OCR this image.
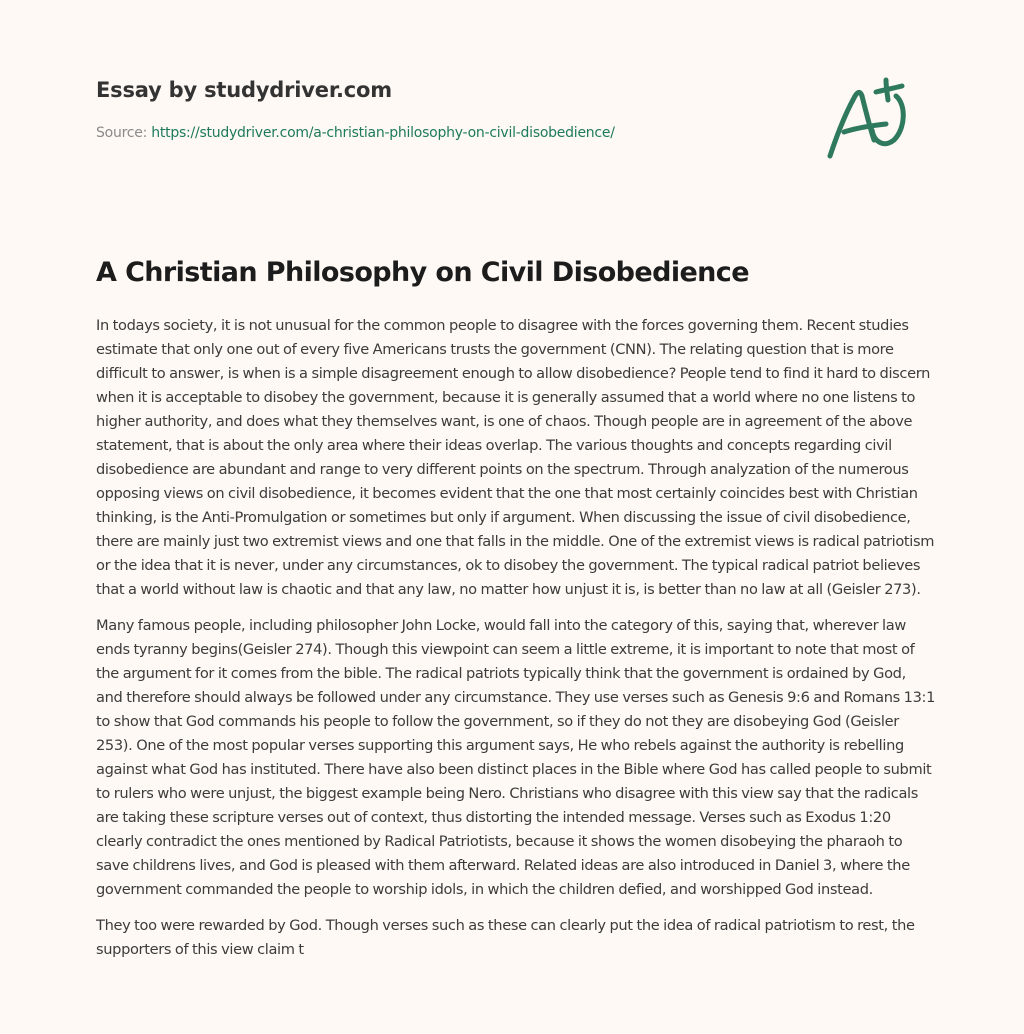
Essay by studydriver.com
Source: https://studydriver.com/a-christian-philosophy-on-civil-disobedience/
A Christian Philosophy on Civil Disobedience

In todays society, it is not unusual for the common people to disagree with the forces governing them. Recent studies estimate that only one out of every five Americans trusts the government (CNN). The relating question that is more difficult to answer, is when is a simple disagreement enough to allow disobedience? People tend to find it hard to discern when it is acceptable to disobey the government, because it is generally assumed that a world where no one listens to higher authority, and does what they themselves want, is one of chaos. Though people are in agreement of the above statement, that is about the only area where their ideas overlap. The various thoughts and concepts regarding civil disobedience are abundant and range to very different points on the spectrum. Through analyzation of the numerous opposing views on civil disobedience, it becomes evident that the one that most certainly coincides best with Christian thinking, is the Anti-Promulgation or sometimes but only if argument. When discussing the issue of civil disobedience, there are mainly just two extremist views and one that falls in the middle. One of the extremist views is radical patriotism or the idea that it is never, under any circumstances, ok to disobey the government. The typical radical patriot believes that a world without law is chaotic and that any law, no matter how unjust it is, is better than no law at all (Geisler 273).

Many famous people, including philosopher John Locke, would fall into the category of this, saying that, wherever law ends tyranny begins(Geisler 274). Though this viewpoint can seem a little extreme, it is important to note that most of the argument for it comes from the bible. The radical patriots typically think that the government is ordained by God, and therefore should always be followed under any circumstance. They use verses such as Genesis 9:6 and Romans 13:1 to show that God commands his people to follow the government, so if they do not they are disobeying God (Geisler 253). One of the most popular verses supporting this argument says, He who rebels against the authority is rebelling against what God has instituted. There have also been distinct places in the Bible where God has called people to submit to rulers who were unjust, the biggest example being Nero. Christians who disagree with this view say that the radicals are taking these scripture verses out of context, thus distorting the intended message. Verses such as Exodus 1:20 clearly contradict the ones mentioned by Radical Patriotists, because it shows the women disobeying the pharaoh to save childrens lives, and God is pleased with them afterward. Related ideas are also introduced in Daniel 3, where the government commanded the people to worship idols, in which the children defied, and worshipped God instead.

They too were rewarded by God. Though verses such as these can clearly put the idea of radical patriotism to rest, the supporters of this view claim t
